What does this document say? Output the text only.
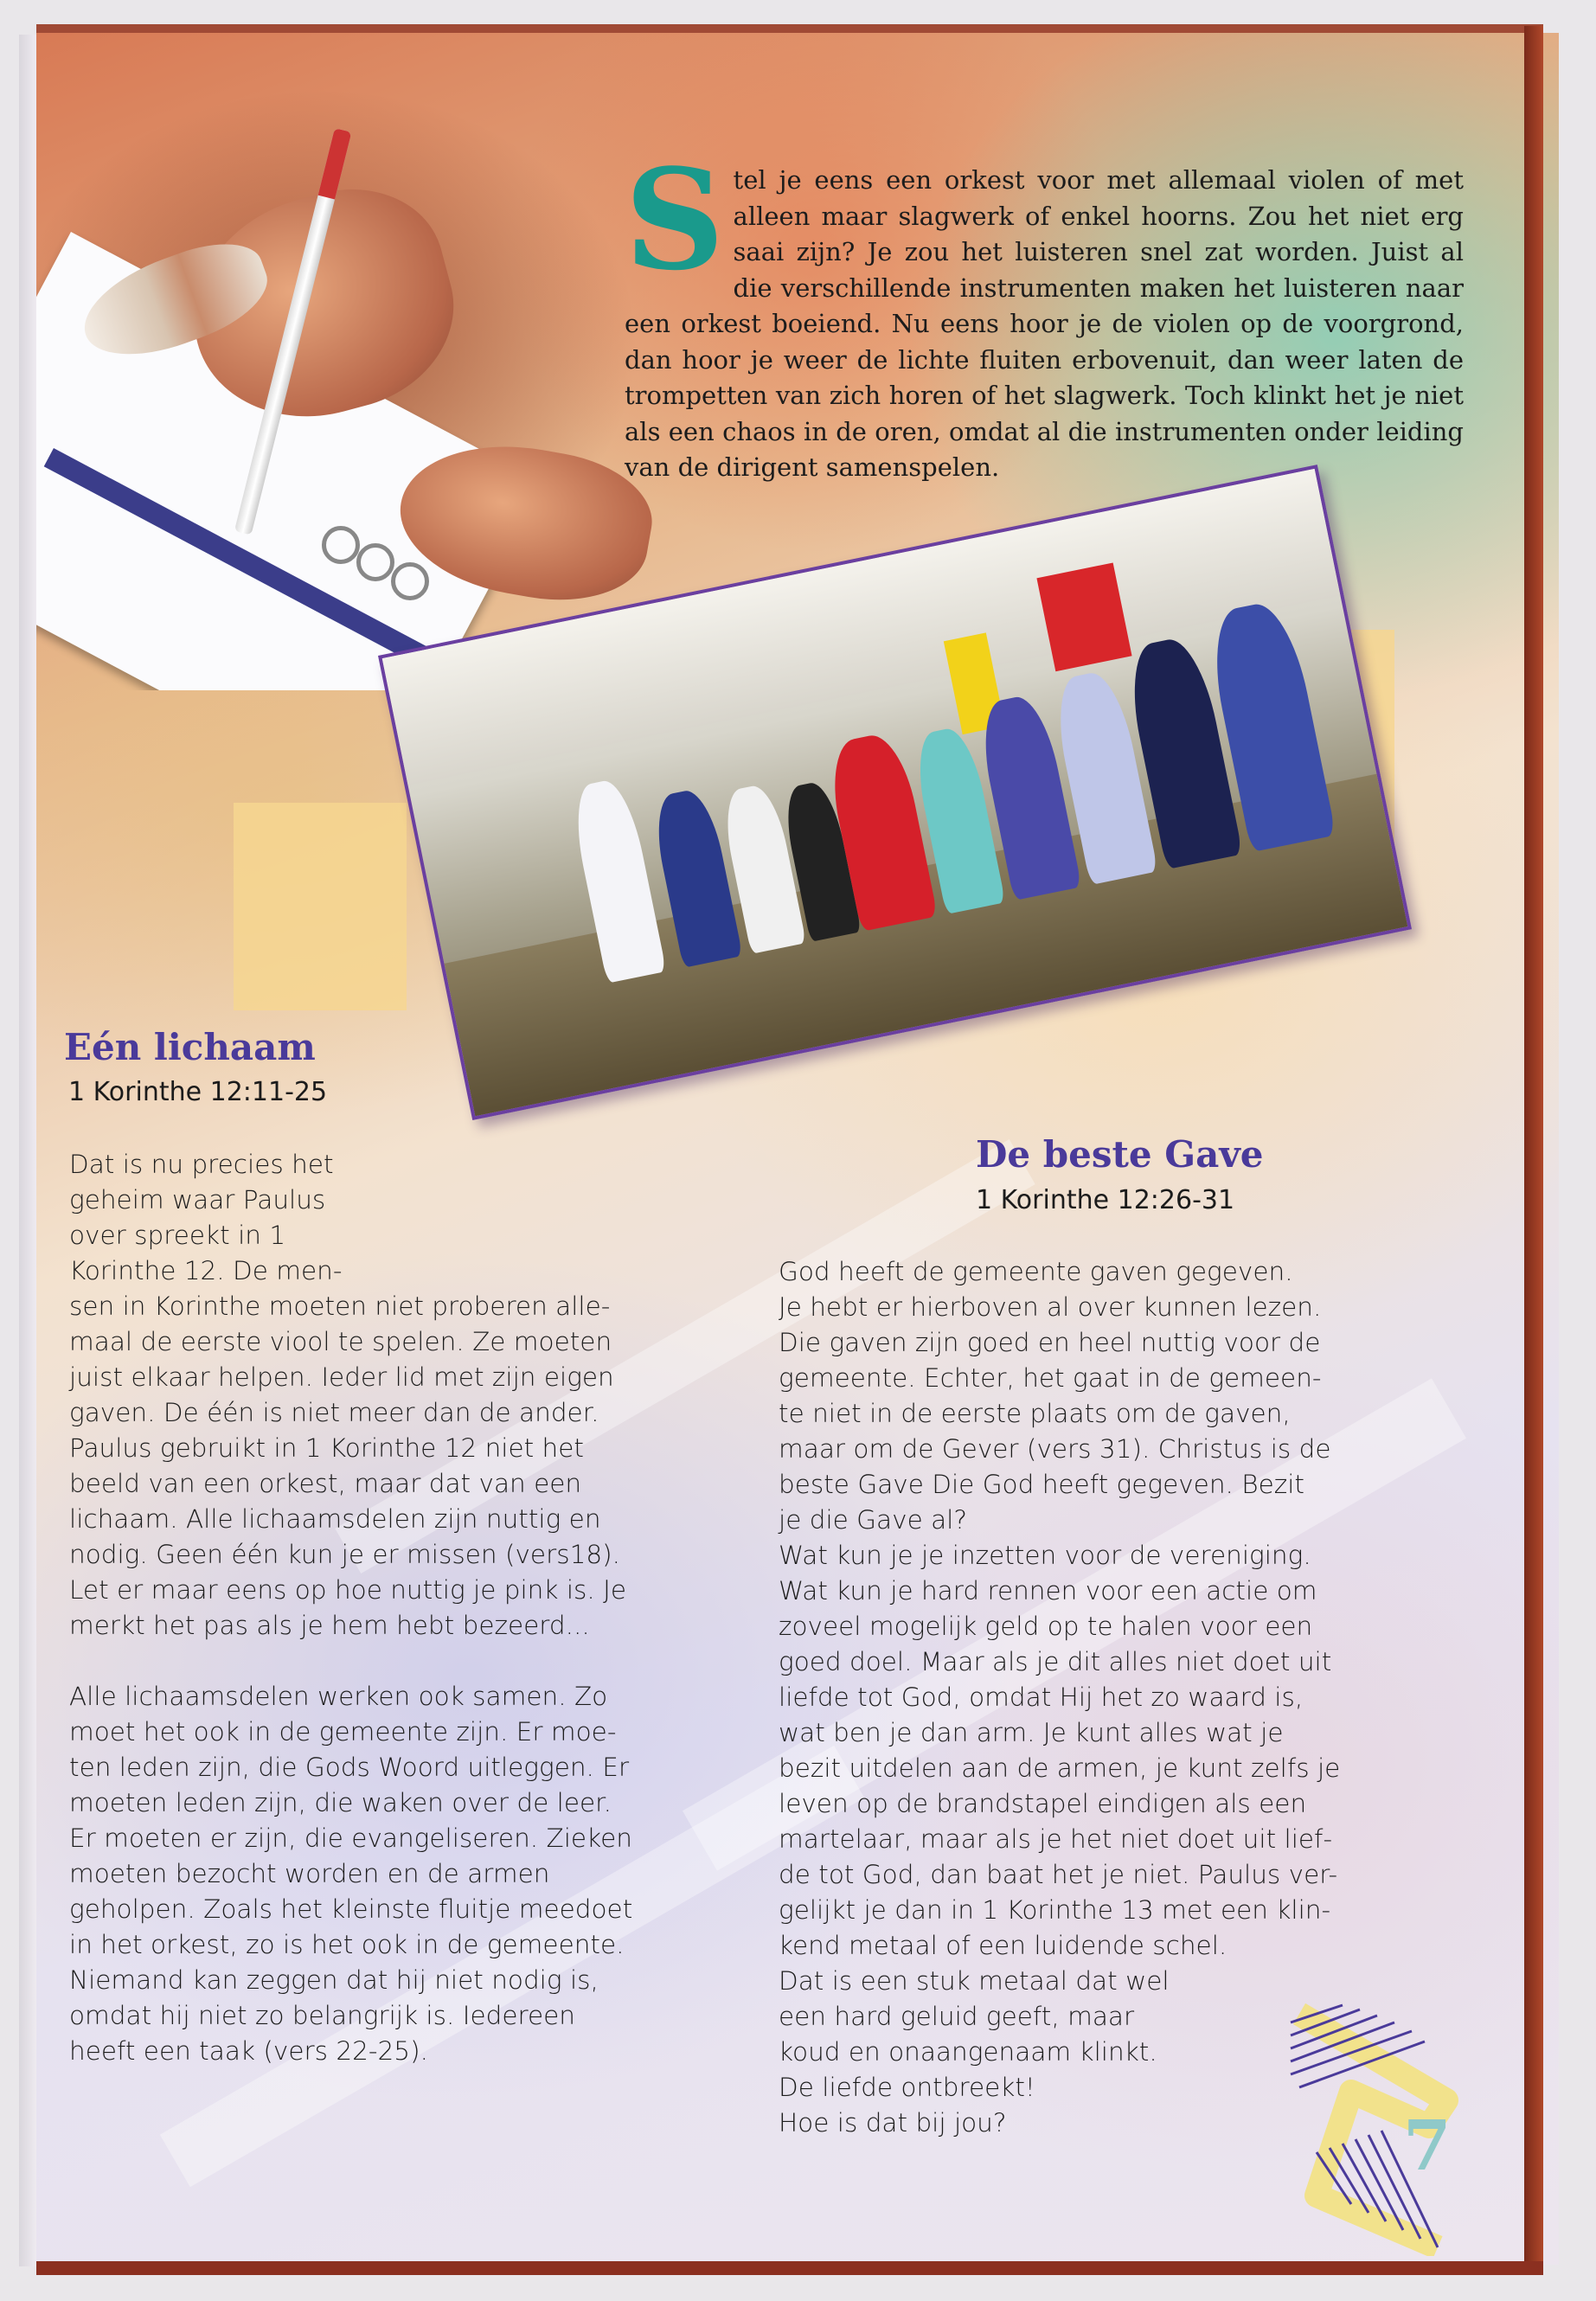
Stel je eens een orkest voor met allemaal violen of met alleen maar slagwerk of enkel hoorns. Zou het niet erg saai zijn? Je zou het luisteren snel zat worden. Juist al die verschillende instrumenten maken het luisteren naar een orkest boeiend. Nu eens hoor je de violen op de voorgrond, dan hoor je weer de lichte fluiten erbovenuit, dan weer laten de trompetten van zich horen of het slagwerk. Toch klinkt het je niet als een chaos in de oren, omdat al die instrumenten onder leiding van de dirigent samenspelen.
Eén lichaam
1 Korinthe 12:11-25

Dat is nu precies het

geheim waar Paulus

over spreekt in 1

Korinthe 12. De men-

sen in Korinthe moeten niet proberen alle-

maal de eerste viool te spelen. Ze moeten

juist elkaar helpen. Ieder lid met zijn eigen

gaven. De één is niet meer dan de ander.

Paulus gebruikt in 1 Korinthe 12 niet het

beeld van een orkest, maar dat van een

lichaam. Alle lichaamsdelen zijn nuttig en

nodig. Geen één kun je er missen (vers18).

Let er maar eens op hoe nuttig je pink is. Je

merkt het pas als je hem hebt bezeerd...

Alle lichaamsdelen werken ook samen. Zo

moet het ook in de gemeente zijn. Er moe-

ten leden zijn, die Gods Woord uitleggen. Er

moeten leden zijn, die waken over de leer.

Er moeten er zijn, die evangeliseren. Zieken

moeten bezocht worden en de armen

geholpen. Zoals het kleinste fluitje meedoet

in het orkest, zo is het ook in de gemeente.

Niemand kan zeggen dat hij niet nodig is,

omdat hij niet zo belangrijk is. Iedereen

heeft een taak (vers 22-25).

De beste Gave
1 Korinthe 12:26-31

God heeft de gemeente gaven gegeven.

Je hebt er hierboven al over kunnen lezen.

Die gaven zijn goed en heel nuttig voor de

gemeente. Echter, het gaat in de gemeen-

te niet in de eerste plaats om de gaven,

maar om de Gever (vers 31). Christus is de

beste Gave Die God heeft gegeven. Bezit

je die Gave al?

Wat kun je je inzetten voor de vereniging.

Wat kun je hard rennen voor een actie om

zoveel mogelijk geld op te halen voor een

goed doel. Maar als je dit alles niet doet uit

liefde tot God, omdat Hij het zo waard is,

wat ben je dan arm. Je kunt alles wat je

bezit uitdelen aan de armen, je kunt zelfs je

leven op de brandstapel eindigen als een

martelaar, maar als je het niet doet uit lief-

de tot God, dan baat het je niet. Paulus ver-

gelijkt je dan in 1 Korinthe 13 met een klin-

kend metaal of een luidende schel.

Dat is een stuk metaal dat wel

een hard geluid geeft, maar

koud en onaangenaam klinkt.

De liefde ontbreekt!

Hoe is dat bij jou?	7
